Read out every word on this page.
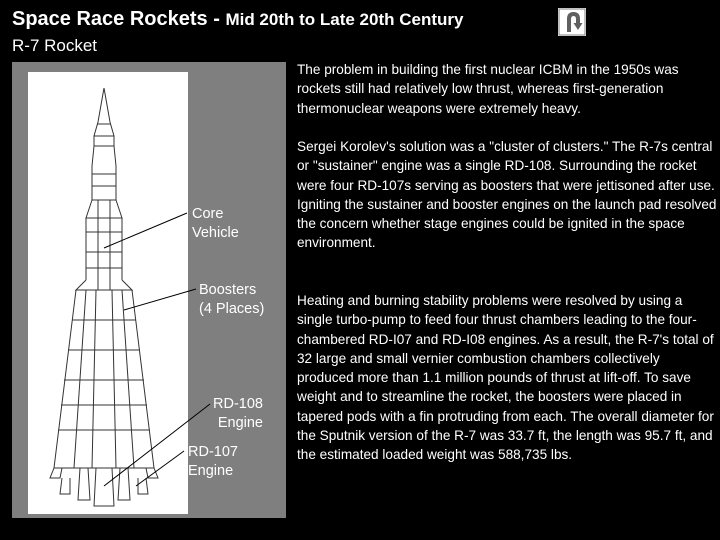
Space Race Rockets - Mid 20th to Late 20th Century
R-7 Rocket
Core
Vehicle
Boosters
(4 Places)
RD-108
Engine
RD-107
Engine
The problem in building the first nuclear ICBM in the 1950s was rockets still had relatively low thrust, whereas first-generation thermonuclear weapons were extremely heavy.
Sergei Korolev's solution was a "cluster of clusters." The R-7s central or "sustainer" engine was a single RD-108. Surrounding the rocket were four RD-107s serving as boosters that were jettisoned after use. Igniting the sustainer and booster engines on the launch pad resolved the concern whether stage engines could be ignited in the space environment.
Heating and burning stability problems were resolved by using a single turbo-pump to feed four thrust chambers leading to the four-chambered RD-I07 and RD-I08 engines. As a result, the R-7's total of 32 large and small vernier combustion chambers collectively produced more than 1.1 million pounds of thrust at lift-off. To save weight and to streamline the rocket, the boosters were placed in tapered pods with a fin protruding from each. The overall diameter for the Sputnik version of the R-7 was 33.7 ft, the length was 95.7 ft, and the estimated loaded weight was 588,735 lbs.
